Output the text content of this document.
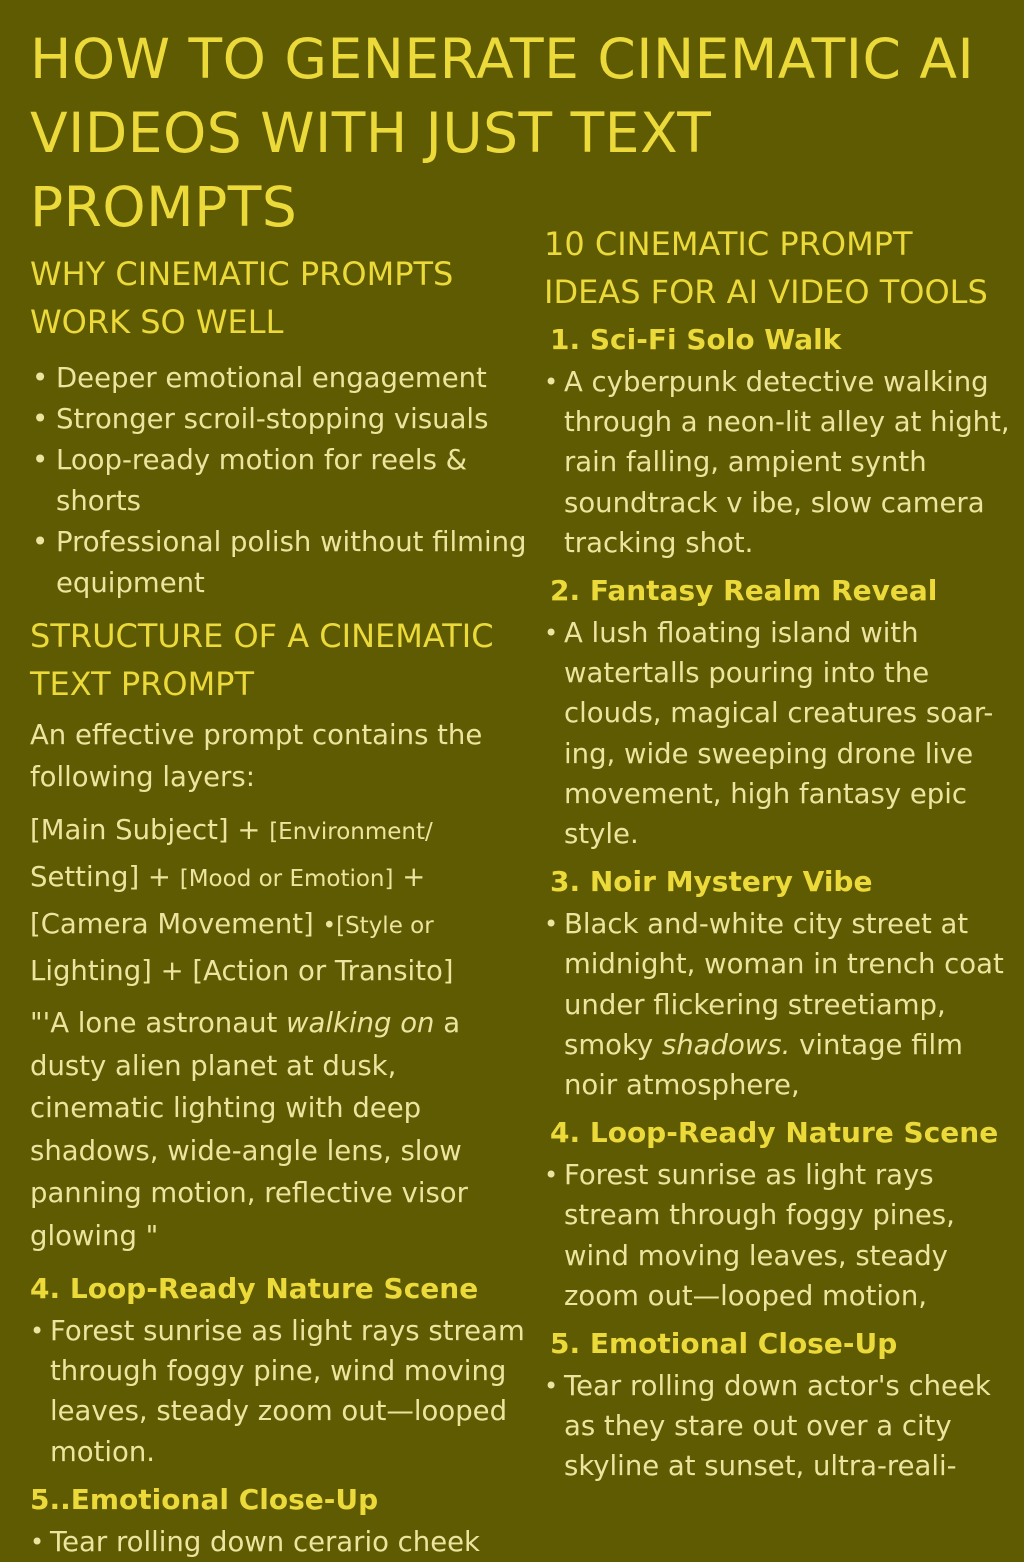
HOW TO GENERATE CINEMATIC AI VIDEOS WITH JUST TEXT PROMPTS
WHY CINEMATIC PROMPTS WORK SO WELL
• Deeper emotional engagement
• Stronger scroil-stopping visuals
• Loop-ready motion for reels & shorts
• Professional polish without filming equipment
STRUCTURE OF A CINEMATIC TEXT PROMPT

An effective prompt contains the following layers:

[Main Subject] + [Environment/ Setting] + [Mood or Emotion] + [Camera Movement] •[Style or Lighting] + [Action or Transito]

"'A lone astronaut walking on a dusty alien planet at dusk, cinematic lighting with deep shadows, wide-angle lens, slow panning motion, reflective visor glowing "

4. Loop-Ready Nature Scene

• Forest sunrise as light rays stream through foggy pine, wind moving leaves, steady zoom out—looped motion.

5..Emotional Close-Up

• Tear rolling down cerario cheek

10 CINEMATIC PROMPT IDEAS FOR AI VIDEO TOOLS

1. Sci-Fi Solo Walk

• A cyberpunk detective walking through a neon-lit alley at hight, rain falling, ampient synth soundtrack v ibe, slow camera tracking shot.

2. Fantasy Realm Reveal

• A lush floating island with watertalls pouring into the clouds, magical creatures soar-ing, wide sweeping drone live movement, high fantasy epic style.

3. Noir Mystery Vibe

• Black and-white city street at midnight, woman in trench coat under flickering streetiamp, smoky shadows. vintage film noir atmosphere,

4. Loop-Ready Nature Scene

• Forest sunrise as light rays stream through foggy pines, wind moving leaves, steady zoom out—looped motion,

5. Emotional Close-Up

• Tear rolling down actor's cheek as they stare out over a city skyline at sunset, ultra-reali-
